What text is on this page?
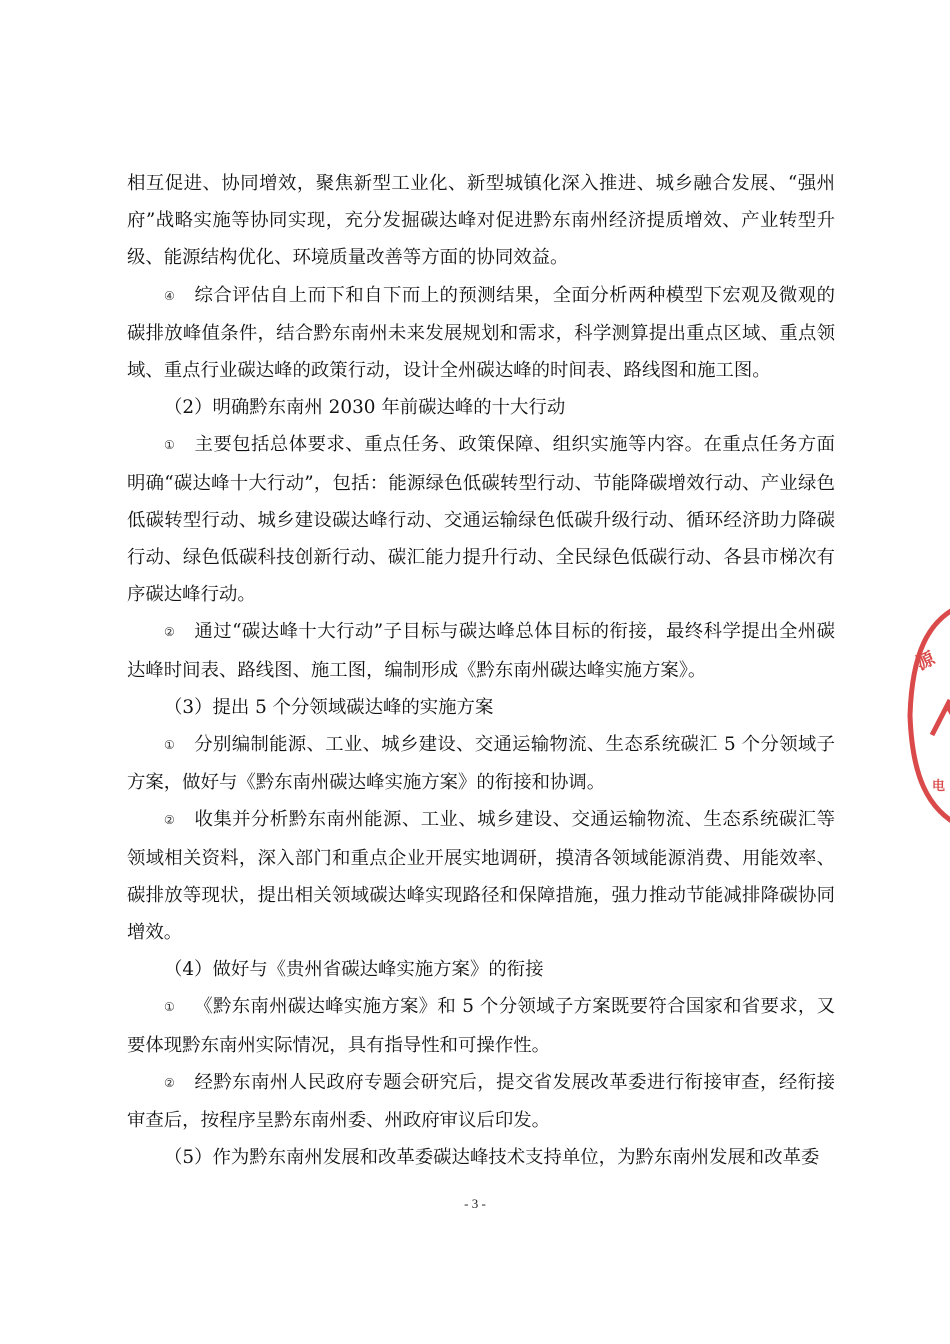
相互促进、协同增效，聚焦新型工业化、新型城镇化深入推进、城乡融合发展、“强州府”战略实施等协同实现，充分发掘碳达峰对促进黔东南州经济提质增效、产业转型升级、能源结构优化、环境质量改善等方面的协同效益。

④ 综合评估自上而下和自下而上的预测结果，全面分析两种模型下宏观及微观的碳排放峰值条件，结合黔东南州未来发展规划和需求，科学测算提出重点区域、重点领域、重点行业碳达峰的政策行动，设计全州碳达峰的时间表、路线图和施工图。

（2）明确黔东南州 2030 年前碳达峰的十大行动

① 主要包括总体要求、重点任务、政策保障、组织实施等内容。在重点任务方面明确“碳达峰十大行动”，包括：能源绿色低碳转型行动、节能降碳增效行动、产业绿色低碳转型行动、城乡建设碳达峰行动、交通运输绿色低碳升级行动、循环经济助力降碳行动、绿色低碳科技创新行动、碳汇能力提升行动、全民绿色低碳行动、各县市梯次有序碳达峰行动。

② 通过“碳达峰十大行动”子目标与碳达峰总体目标的衔接，最终科学提出全州碳达峰时间表、路线图、施工图，编制形成《黔东南州碳达峰实施方案》。

（3）提出 5 个分领域碳达峰的实施方案

① 分别编制能源、工业、城乡建设、交通运输物流、生态系统碳汇 5 个分领域子方案，做好与《黔东南州碳达峰实施方案》的衔接和协调。

② 收集并分析黔东南州能源、工业、城乡建设、交通运输物流、生态系统碳汇等领域相关资料，深入部门和重点企业开展实地调研，摸清各领域能源消费、用能效率、碳排放等现状，提出相关领域碳达峰实现路径和保障措施，强力推动节能减排降碳协同增效。

（4）做好与《贵州省碳达峰实施方案》的衔接

① 《黔东南州碳达峰实施方案》和 5 个分领域子方案既要符合国家和省要求，又要体现黔东南州实际情况，具有指导性和可操作性。

② 经黔东南州人民政府专题会研究后，提交省发展改革委进行衔接审查，经衔接审查后，按程序呈黔东南州委、州政府审议后印发。

（5）作为黔东南州发展和改革委碳达峰技术支持单位，为黔东南州发展和改革委

- 3 -
源
电
